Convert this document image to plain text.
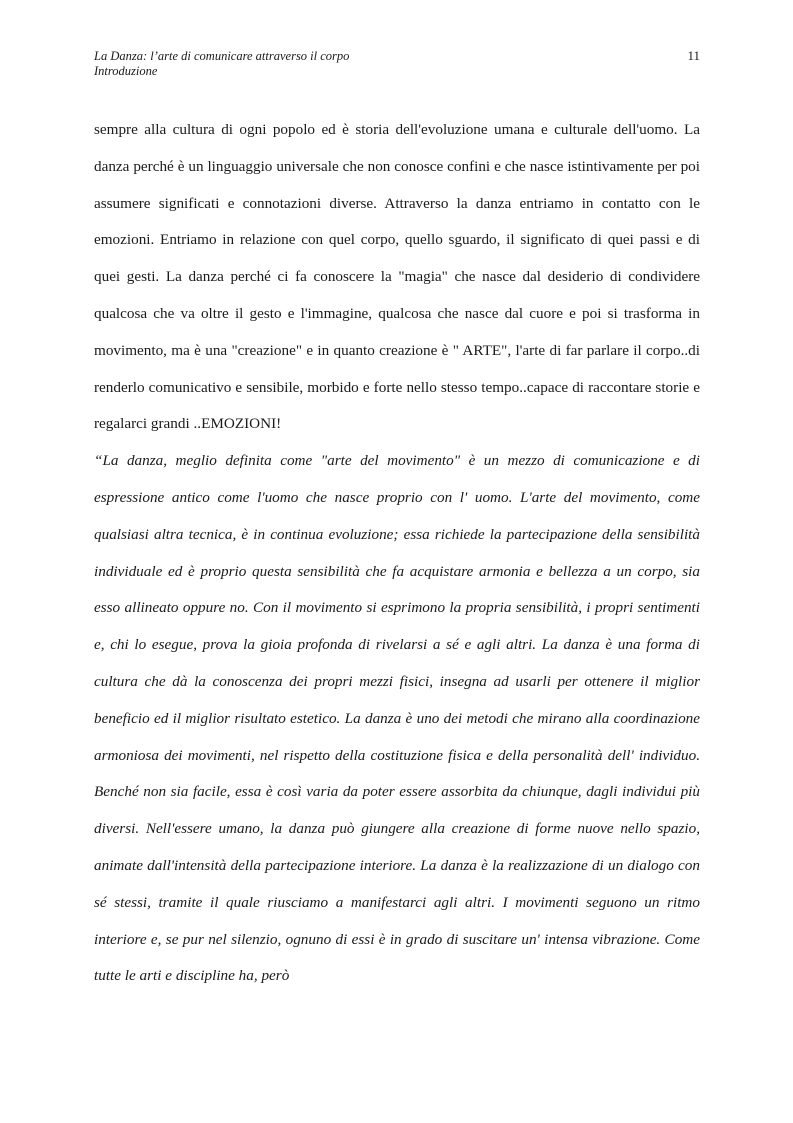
La Danza: l’arte di comunicare attraverso il corpo
Introduzione
11

sempre alla cultura di ogni popolo ed è storia dell'evoluzione umana e culturale dell'uomo. La danza perché è un linguaggio universale che non conosce confini e che nasce istintivamente per poi assumere significati e connotazioni diverse. Attraverso la danza entriamo in contatto con le emozioni. Entriamo in relazione con quel corpo, quello sguardo, il significato di quei passi e di quei gesti. La danza perché ci fa conoscere la "magia" che nasce dal desiderio di condividere qualcosa che va oltre il gesto e l'immagine, qualcosa che nasce dal cuore e poi si trasforma in movimento, ma è una "creazione" e in quanto creazione è " ARTE", l'arte di far parlare il corpo..di renderlo comunicativo e sensibile, morbido e forte nello stesso tempo..capace di raccontare storie e regalarci grandi ..EMOZIONI!

“La danza, meglio definita come "arte del movimento" è un mezzo di comunicazione e di espressione antico come l'uomo che nasce proprio con l' uomo. L'arte del movimento, come qualsiasi altra tecnica, è in continua evoluzione; essa richiede la partecipazione della sensibilità individuale ed è proprio questa sensibilità che fa acquistare armonia e bellezza a un corpo, sia esso allineato oppure no. Con il movimento si esprimono la propria sensibilità, i propri sentimenti e, chi lo esegue, prova la gioia profonda di rivelarsi a sé e agli altri. La danza è una forma di cultura che dà la conoscenza dei propri mezzi fisici, insegna ad usarli per ottenere il miglior beneficio ed il miglior risultato estetico. La danza è uno dei metodi che mirano alla coordinazione armoniosa dei movimenti, nel rispetto della costituzione fisica e della personalità dell' individuo. Benché non sia facile, essa è così varia da poter essere assorbita da chiunque, dagli individui più diversi. Nell'essere umano, la danza può giungere alla creazione di forme nuove nello spazio, animate dall'intensità della partecipazione interiore. La danza è la realizzazione di un dialogo con sé stessi, tramite il quale riusciamo a manifestarci agli altri. I movimenti seguono un ritmo interiore e, se pur nel silenzio, ognuno di essi è in grado di suscitare un' intensa vibrazione. Come tutte le arti e discipline ha, però
